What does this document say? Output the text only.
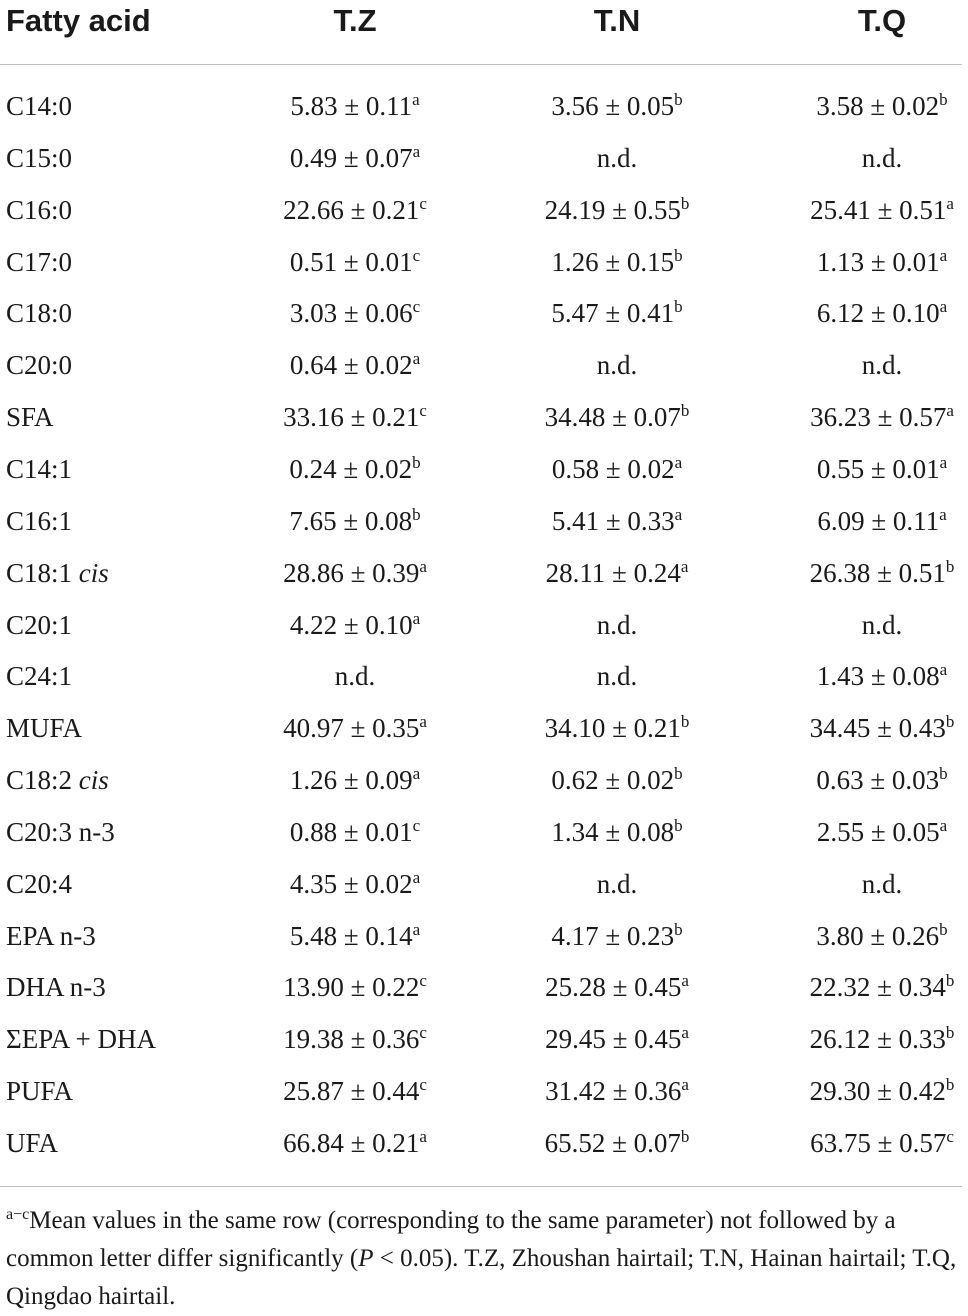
Fatty acid	T.Z	T.N	T.Q
C14:0	5.83 ± 0.11$^a$	3.56 ± 0.05$^b$	3.58 ± 0.02$^b$
C15:0	0.49 ± 0.07$^a$	n.d.	n.d.
C16:0	22.66 ± 0.21$^c$	24.19 ± 0.55$^b$	25.41 ± 0.51$^a$
C17:0	0.51 ± 0.01$^c$	1.26 ± 0.15$^b$	1.13 ± 0.01$^a$
C18:0	3.03 ± 0.06$^c$	5.47 ± 0.41$^b$	6.12 ± 0.10$^a$
C20:0	0.64 ± 0.02$^a$	n.d.	n.d.
SFA	33.16 ± 0.21$^c$	34.48 ± 0.07$^b$	36.23 ± 0.57$^a$
C14:1	0.24 ± 0.02$^b$	0.58 ± 0.02$^a$	0.55 ± 0.01$^a$
C16:1	7.65 ± 0.08$^b$	5.41 ± 0.33$^a$	6.09 ± 0.11$^a$
C18:1 cis	28.86 ± 0.39$^a$	28.11 ± 0.24$^a$	26.38 ± 0.51$^b$
C20:1	4.22 ± 0.10$^a$	n.d.	n.d.
C24:1	n.d.	n.d.	1.43 ± 0.08$^a$
MUFA	40.97 ± 0.35$^a$	34.10 ± 0.21$^b$	34.45 ± 0.43$^b$
C18:2 cis	1.26 ± 0.09$^a$	0.62 ± 0.02$^b$	0.63 ± 0.03$^b$
C20:3 n-3	0.88 ± 0.01$^c$	1.34 ± 0.08$^b$	2.55 ± 0.05$^a$
C20:4	4.35 ± 0.02$^a$	n.d.	n.d.
EPA n-3	5.48 ± 0.14$^a$	4.17 ± 0.23$^b$	3.80 ± 0.26$^b$
DHA n-3	13.90 ± 0.22$^c$	25.28 ± 0.45$^a$	22.32 ± 0.34$^b$
ΣEPA + DHA	19.38 ± 0.36$^c$	29.45 ± 0.45$^a$	26.12 ± 0.33$^b$
PUFA	25.87 ± 0.44$^c$	31.42 ± 0.36$^a$	29.30 ± 0.42$^b$
UFA	66.84 ± 0.21$^a$	65.52 ± 0.07$^b$	63.75 ± 0.57$^c$
$^{a-c}$Mean values in the same row (corresponding to the same parameter) not followed by a common letter differ significantly (P < 0.05). T.Z, Zhoushan hairtail; T.N, Hainan hairtail; T.Q, Qingdao hairtail.
